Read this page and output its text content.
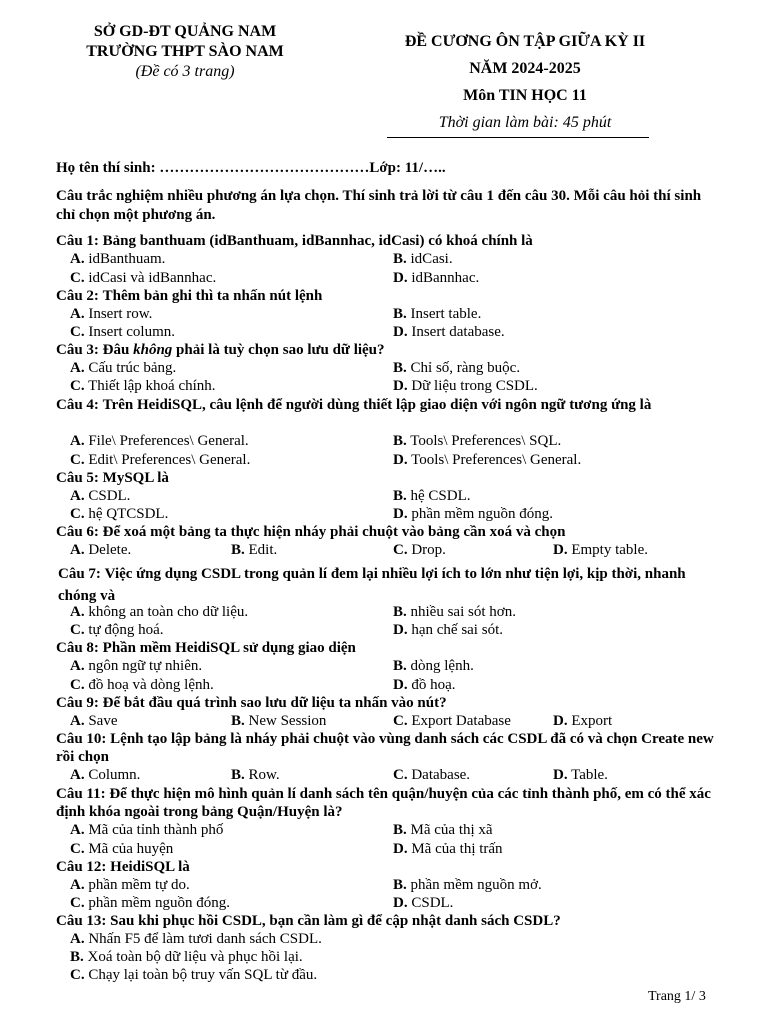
SỞ GD-ĐT QUẢNG NAM
TRƯỜNG THPT SÀO NAM
(Đề có 3 trang)
ĐỀ CƯƠNG ÔN TẬP GIỮA KỲ II
NĂM 2024-2025
Môn TIN HỌC 11
Thời gian làm bài: 45 phút
Họ tên thí sinh: ……………………………………Lớp: 11/…..
Câu trắc nghiệm nhiều phương án lựa chọn. Thí sinh trả lời từ câu 1 đến câu 30. Mỗi câu hỏi thí sinh chỉ chọn một phương án.
Câu 1: Bảng banthuam (idBanthuam, idBannhac, idCasi) có khoá chính là
A. idBanthuam.	B. idCasi.
C. idCasi và idBannhac.	D. idBannhac.
Câu 2: Thêm bản ghi thì ta nhấn nút lệnh
A. Insert row.	B. Insert table.
C. Insert column.	D. Insert database.
Câu 3: Đâu không phải là tuỳ chọn sao lưu dữ liệu?
A. Cấu trúc bảng.	B. Chỉ số, ràng buộc.
C. Thiết lập khoá chính.	D. Dữ liệu trong CSDL.
Câu 4: Trên HeidiSQL, câu lệnh để người dùng thiết lập giao diện với ngôn ngữ tương ứng là
A. File\ Preferences\ General.	B. Tools\ Preferences\ SQL.
C. Edit\ Preferences\ General.	D. Tools\ Preferences\ General.
Câu 5: MySQL là
A. CSDL.	B. hệ CSDL.
C. hệ QTCSDL.	D. phần mềm nguồn đóng.
Câu 6: Để xoá một bảng ta thực hiện nháy phải chuột vào bảng cần xoá và chọn
A. Delete.	B. Edit.	C. Drop.	D. Empty table.
Câu 7: Việc ứng dụng CSDL trong quản lí đem lại nhiều lợi ích to lớn như tiện lợi, kịp thời, nhanh chóng và
A. không an toàn cho dữ liệu.	B. nhiều sai sót hơn.
C. tự động hoá.	D. hạn chế sai sót.
Câu 8: Phần mềm HeidiSQL sử dụng giao diện
A. ngôn ngữ tự nhiên.	B. dòng lệnh.
C. đồ hoạ và dòng lệnh.	D. đồ hoạ.
Câu 9: Để bắt đầu quá trình sao lưu dữ liệu ta nhấn vào nút?
A. Save	B. New Session	C. Export Database	D. Export
Câu 10: Lệnh tạo lập bảng là nháy phải chuột vào vùng danh sách các CSDL đã có và chọn Create new rồi chọn
A. Column.	B. Row.	C. Database.	D. Table.
Câu 11: Để thực hiện mô hình quản lí danh sách tên quận/huyện của các tỉnh thành phố, em có thể xác định khóa ngoài trong bảng Quận/Huyện là?
A. Mã của tỉnh thành phố	B. Mã của thị xã
C. Mã của huyện	D. Mã của thị trấn
Câu 12: HeidiSQL là
A. phần mềm tự do.	B. phần mềm nguồn mở.
C. phần mềm nguồn đóng.	D. CSDL.
Câu 13: Sau khi phục hồi CSDL, bạn cần làm gì để cập nhật danh sách CSDL?
A. Nhấn F5 để làm tươi danh sách CSDL.
B. Xoá toàn bộ dữ liệu và phục hồi lại.
C. Chạy lại toàn bộ truy vấn SQL từ đầu.
Trang 1/ 3
